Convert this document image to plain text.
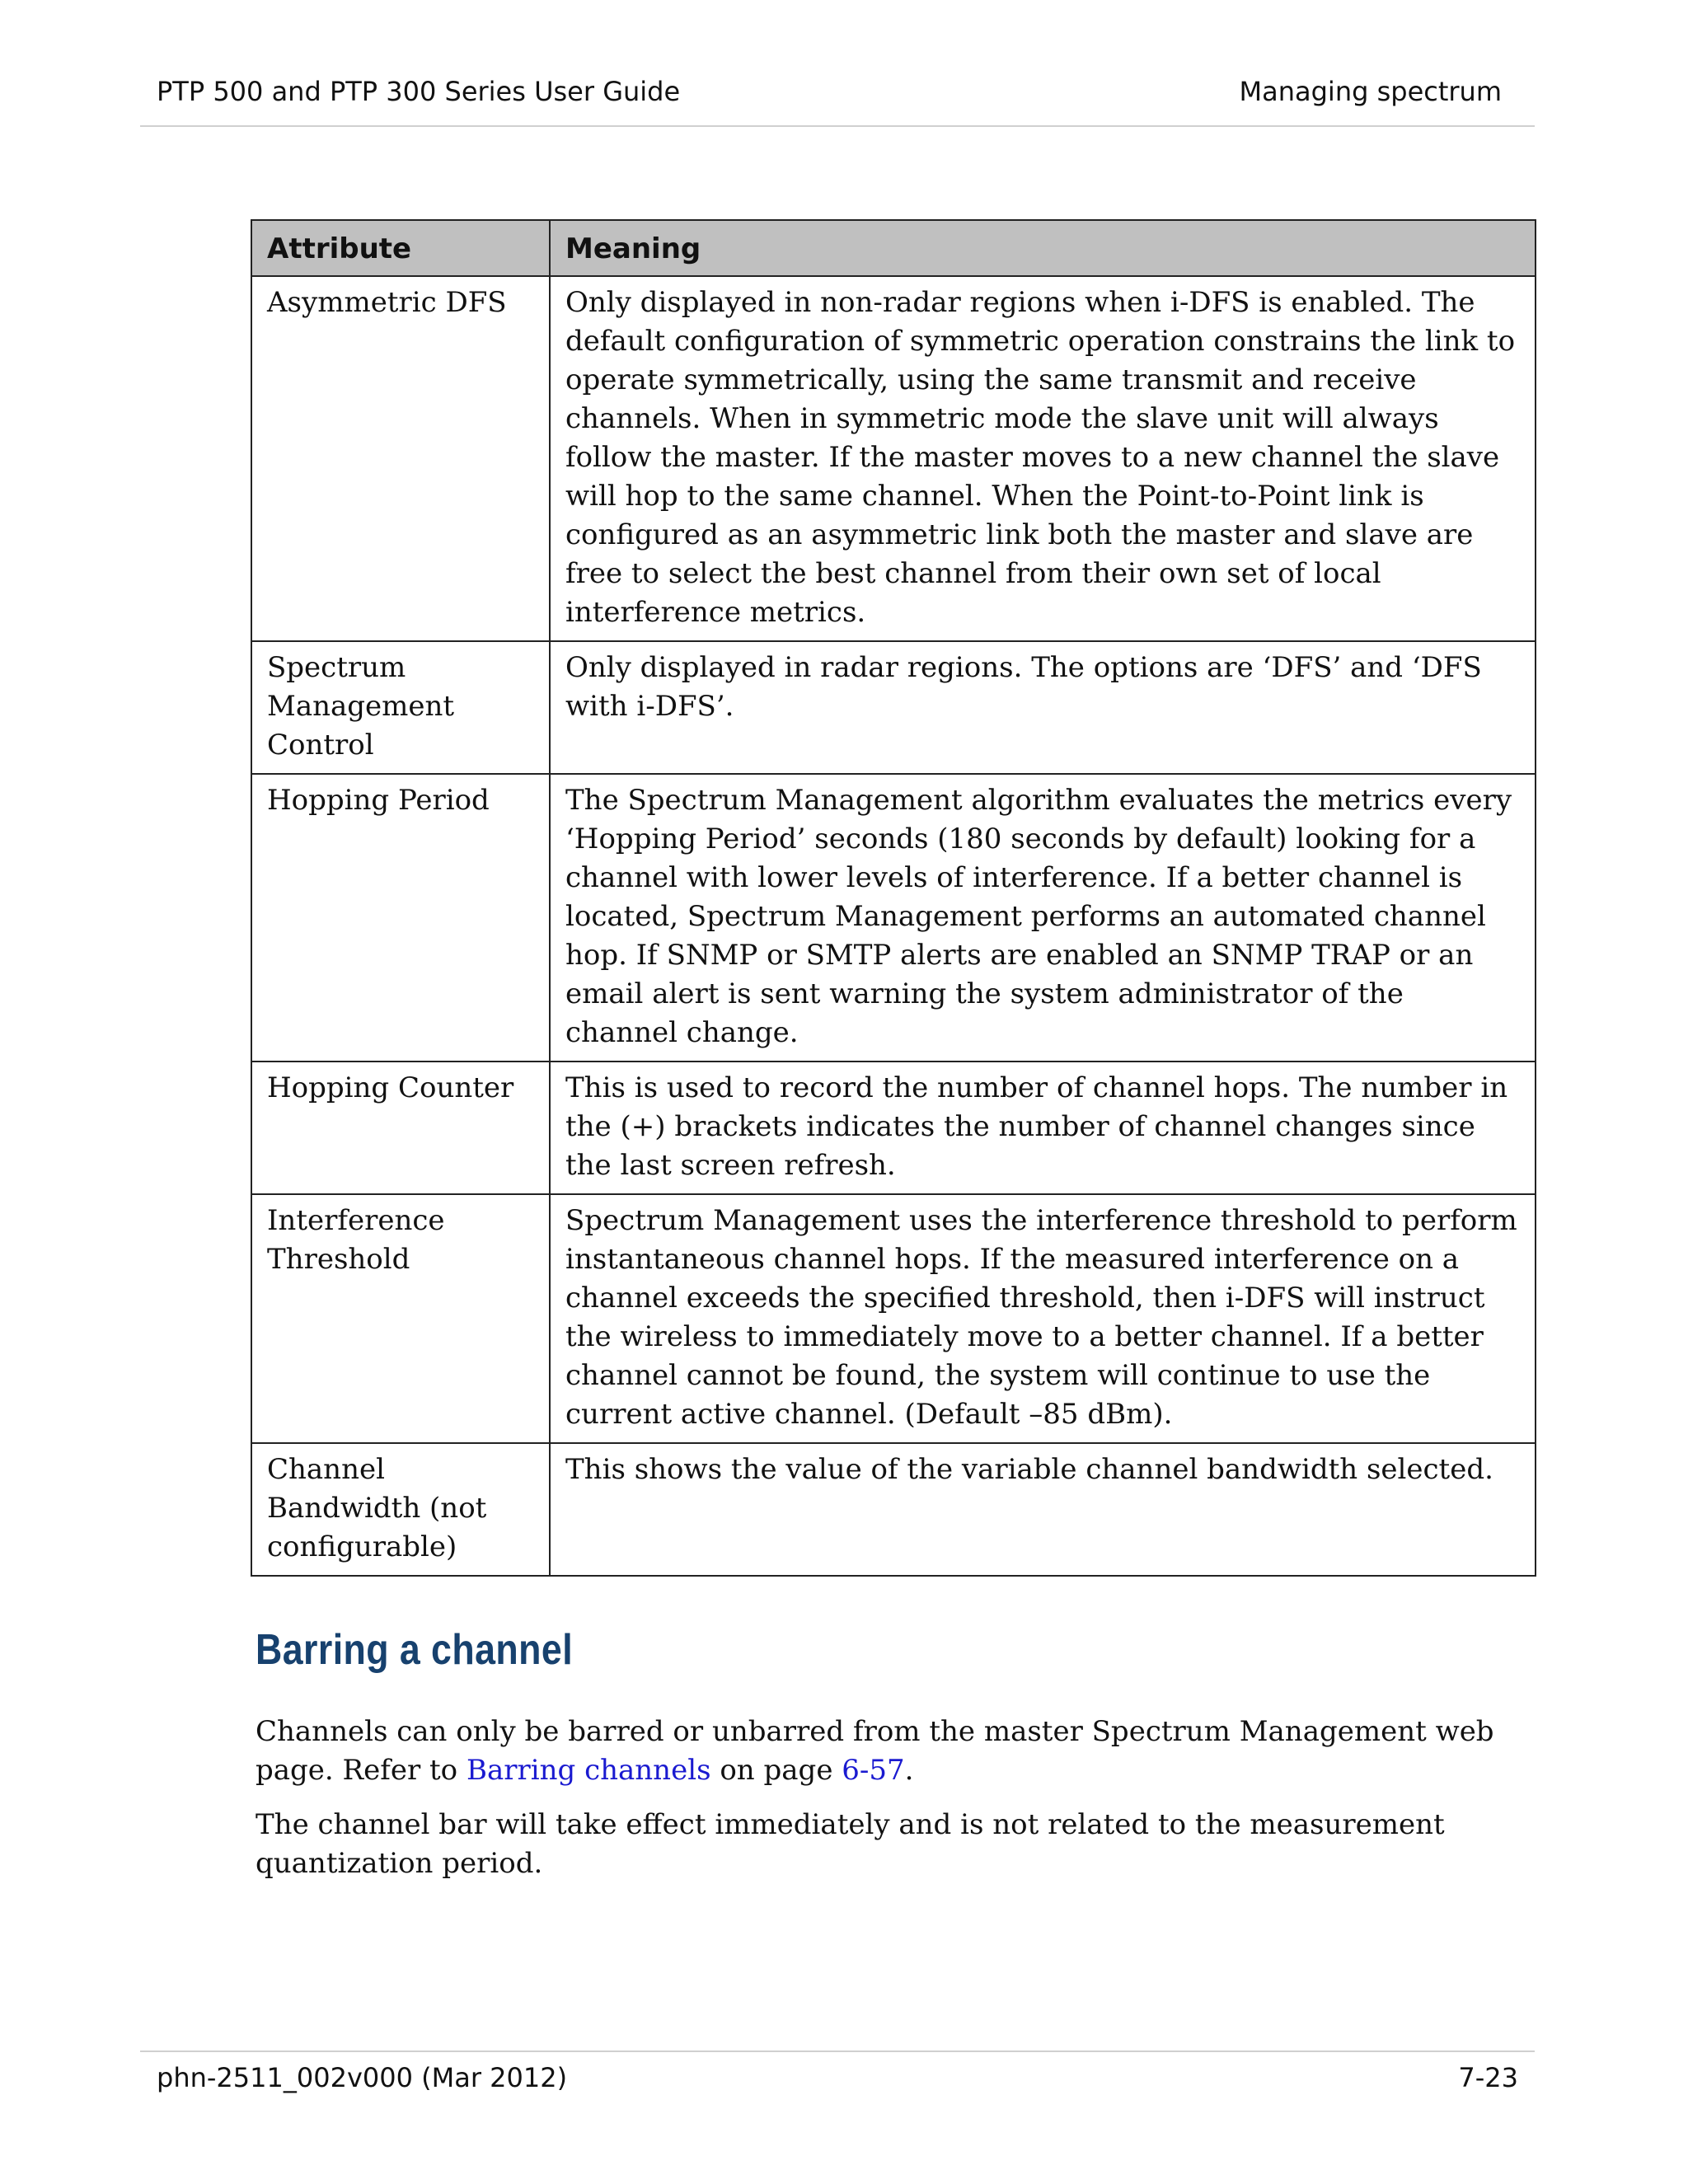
PTP 500 and PTP 300 Series User Guide	Managing spectrum
Attribute	Meaning
Asymmetric DFS	Only displayed in non-radar regions when i-DFS is enabled. The default configuration of symmetric operation constrains the link to operate symmetrically, using the same transmit and receive channels. When in symmetric mode the slave unit will always follow the master. If the master moves to a new channel the slave will hop to the same channel. When the Point-to-Point link is configured as an asymmetric link both the master and slave are free to select the best channel from their own set of local interference metrics.
Spectrum Management Control	Only displayed in radar regions. The options are ‘DFS’ and ‘DFS with i-DFS’.
Hopping Period	The Spectrum Management algorithm evaluates the metrics every ‘Hopping Period’ seconds (180 seconds by default) looking for a channel with lower levels of interference. If a better channel is located, Spectrum Management performs an automated channel hop. If SNMP or SMTP alerts are enabled an SNMP TRAP or an email alert is sent warning the system administrator of the channel change.
Hopping Counter	This is used to record the number of channel hops. The number in the (+) brackets indicates the number of channel changes since the last screen refresh.
Interference Threshold	Spectrum Management uses the interference threshold to perform instantaneous channel hops. If the measured interference on a channel exceeds the specified threshold, then i-DFS will instruct the wireless to immediately move to a better channel. If a better channel cannot be found, the system will continue to use the current active channel. (Default –85 dBm).
Channel Bandwidth (not configurable)	This shows the value of the variable channel bandwidth selected.
Barring a channel

Channels can only be barred or unbarred from the master Spectrum Management web page. Refer to Barring channels on page 6-57.

The channel bar will take effect immediately and is not related to the measurement quantization period.

phn-2511_002v000 (Mar 2012)	7-23
